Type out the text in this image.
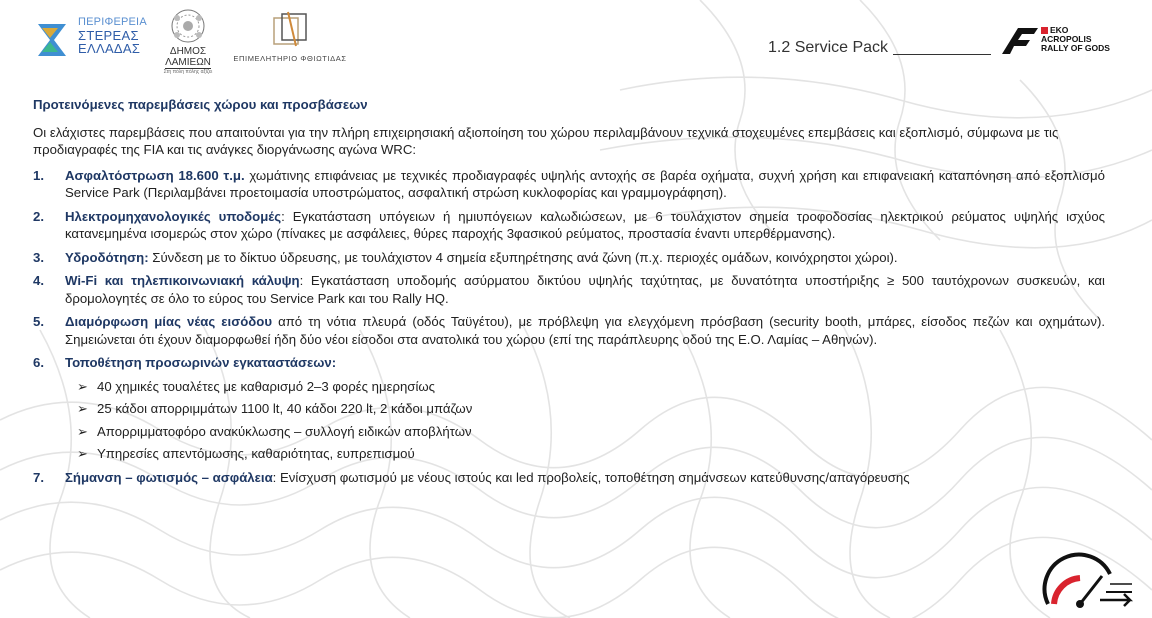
ΠΕΡΙΦΕΡΕΙΑ
ΣΤΕΡΕΑΣ
ΕΛΛΑΔΑΣ	ΔΗΜΟΣ
ΛΑΜΙΕΩΝ
Στη πόλη πόλης αξίζει
ΕΠΙΜΕΛΗΤΗΡΙΟ ΦΘΙΩΤΙΔΑΣ
1.2 Service Pack
EKO
ACROPOLIS
RALLY OF GODS
Προτεινόμενες παρεμβάσεις χώρου και προσβάσεων
Οι ελάχιστες παρεμβάσεις που απαιτούνται για την πλήρη επιχειρησιακή αξιοποίηση του χώρου περιλαμβάνουν τεχνικά στοχευμένες επεμβάσεις και εξοπλισμό, σύμφωνα με τις προδιαγραφές της FIA και τις ανάγκες διοργάνωσης αγώνα WRC:
1. Ασφαλτόστρωση 18.600 τ.μ. χωμάτινης επιφάνειας με τεχνικές προδιαγραφές υψηλής αντοχής σε βαρέα οχήματα, συχνή χρήση και επιφανειακή καταπόνηση από εξοπλισμό Service Park (Περιλαμβάνει προετοιμασία υποστρώματος, ασφαλτική στρώση κυκλοφορίας και γραμμογράφηση).
2. Ηλεκτρομηχανολογικές υποδομές: Εγκατάσταση υπόγειων ή ημιυπόγειων καλωδιώσεων, με 6 τουλάχιστον σημεία τροφοδοσίας ηλεκτρικού ρεύματος υψηλής ισχύος κατανεμημένα ισομερώς στον χώρο (πίνακες με ασφάλειες, θύρες παροχής 3φασικού ρεύματος, προστασία έναντι υπερθέρμανσης).
3. Υδροδότηση: Σύνδεση με το δίκτυο ύδρευσης, με τουλάχιστον 4 σημεία εξυπηρέτησης ανά ζώνη (π.χ. περιοχές ομάδων, κοινόχρηστοι χώροι).
4. Wi-Fi και τηλεπικοινωνιακή κάλυψη: Εγκατάσταση υποδομής ασύρματου δικτύου υψηλής ταχύτητας, με δυνατότητα υποστήριξης ≥ 500 ταυτόχρονων συσκευών, και δρομολογητές σε όλο το εύρος του Service Park και του Rally HQ.
5. Διαμόρφωση μίας νέας εισόδου από τη νότια πλευρά (οδός Ταϋγέτου), με πρόβλεψη για ελεγχόμενη πρόσβαση (security booth, μπάρες, είσοδος πεζών και οχημάτων). Σημειώνεται ότι έχουν διαμορφωθεί ήδη δύο νέοι είσοδοι στα ανατολικά του χώρου (επί της παράπλευρης οδού της Ε.Ο. Λαμίας – Αθηνών).
6. Τοποθέτηση προσωρινών εγκαταστάσεων:
➢ 40 χημικές τουαλέτες με καθαρισμό 2–3 φορές ημερησίως
➢ 25 κάδοι απορριμμάτων 1100 lt, 40 κάδοι 220 lt, 2 κάδοι μπάζων
➢ Απορριμματοφόρο ανακύκλωσης – συλλογή ειδικών αποβλήτων
➢ Υπηρεσίες απεντόμωσης, καθαριότητας, ευπρεπισμού
7. Σήμανση – φωτισμός – ασφάλεια: Ενίσχυση φωτισμού με νέους ιστούς και led προβολείς, τοποθέτηση σημάνσεων κατεύθυνσης/απαγόρευσης
